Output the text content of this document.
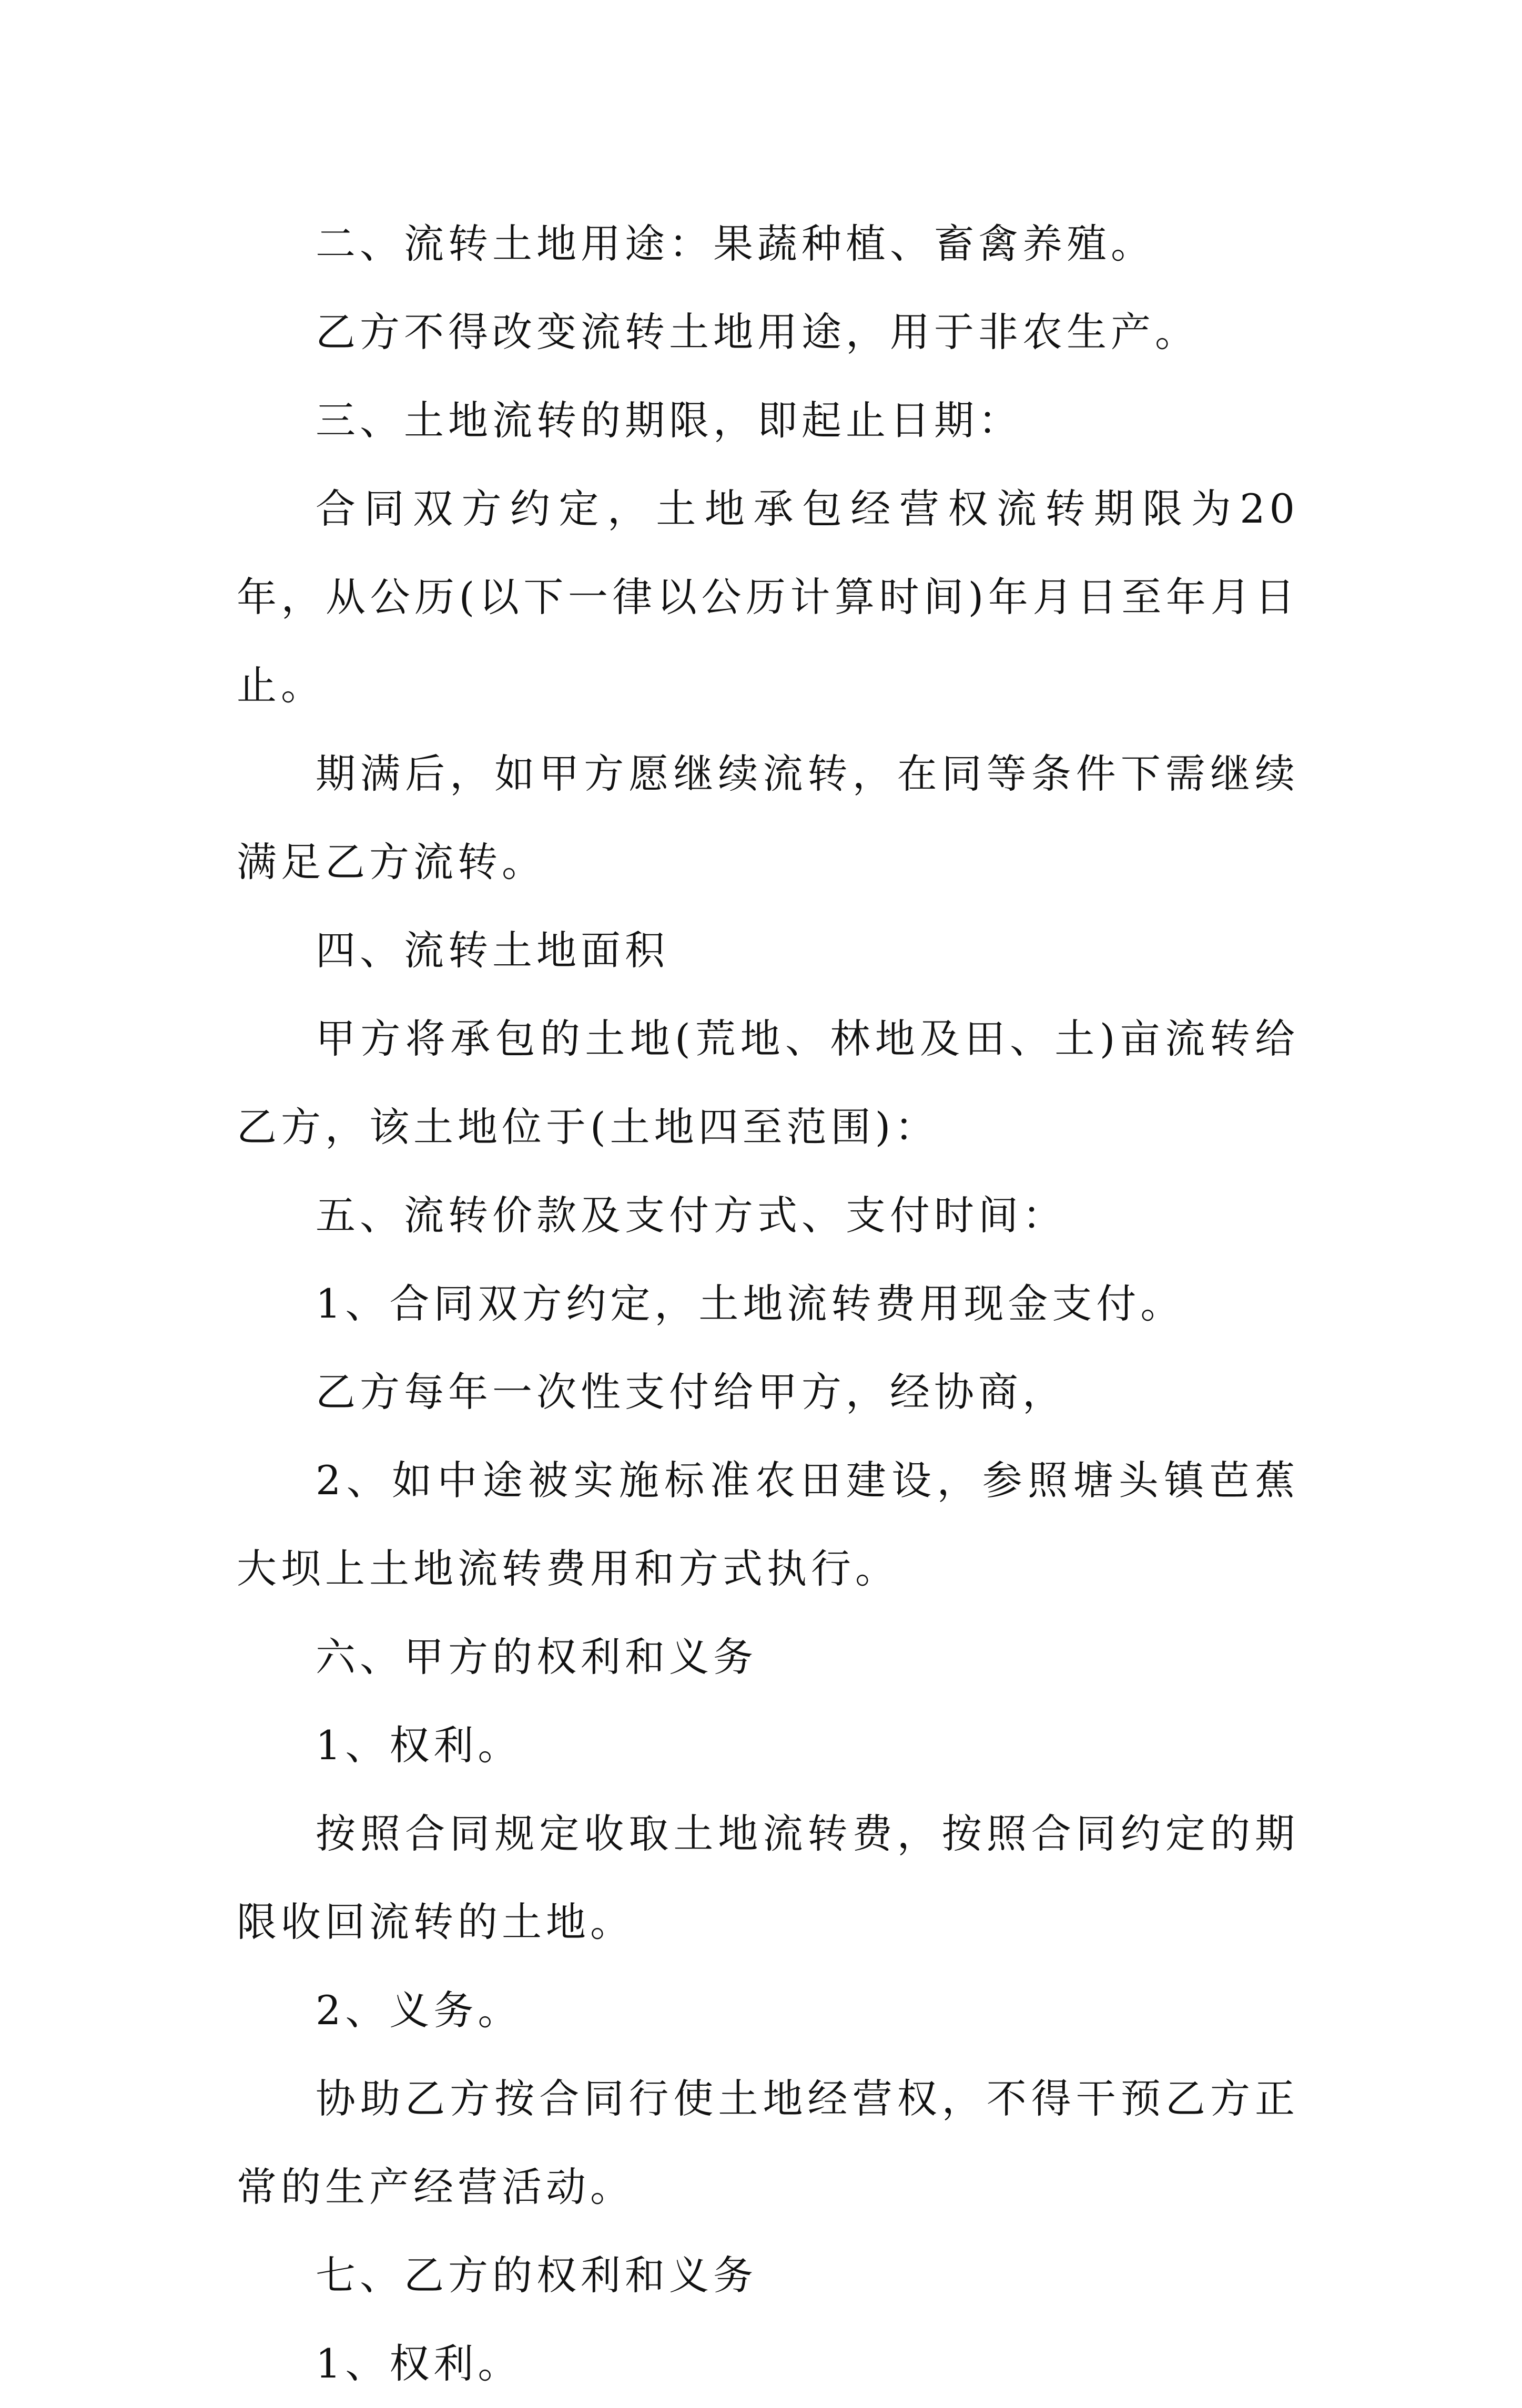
二、流转土地用途：果蔬种植、畜禽养殖。

乙方不得改变流转土地用途，用于非农生产。

三、土地流转的期限，即起止日期：

合同双方约定，土地承包经营权流转期限为20年，从公历(以下一律以公历计算时间)年月日至年月日止。

期满后，如甲方愿继续流转，在同等条件下需继续满足乙方流转。

四、流转土地面积

甲方将承包的土地(荒地、林地及田、土)亩流转给乙方，该土地位于(土地四至范围)：

五、流转价款及支付方式、支付时间：

1、合同双方约定，土地流转费用现金支付。

乙方每年一次性支付给甲方，经协商，

2、如中途被实施标准农田建设，参照塘头镇芭蕉大坝上土地流转费用和方式执行。

六、甲方的权利和义务

1、权利。

按照合同规定收取土地流转费，按照合同约定的期限收回流转的土地。

2、义务。

协助乙方按合同行使土地经营权，不得干预乙方正常的生产经营活动。

七、乙方的权利和义务

1、权利。
